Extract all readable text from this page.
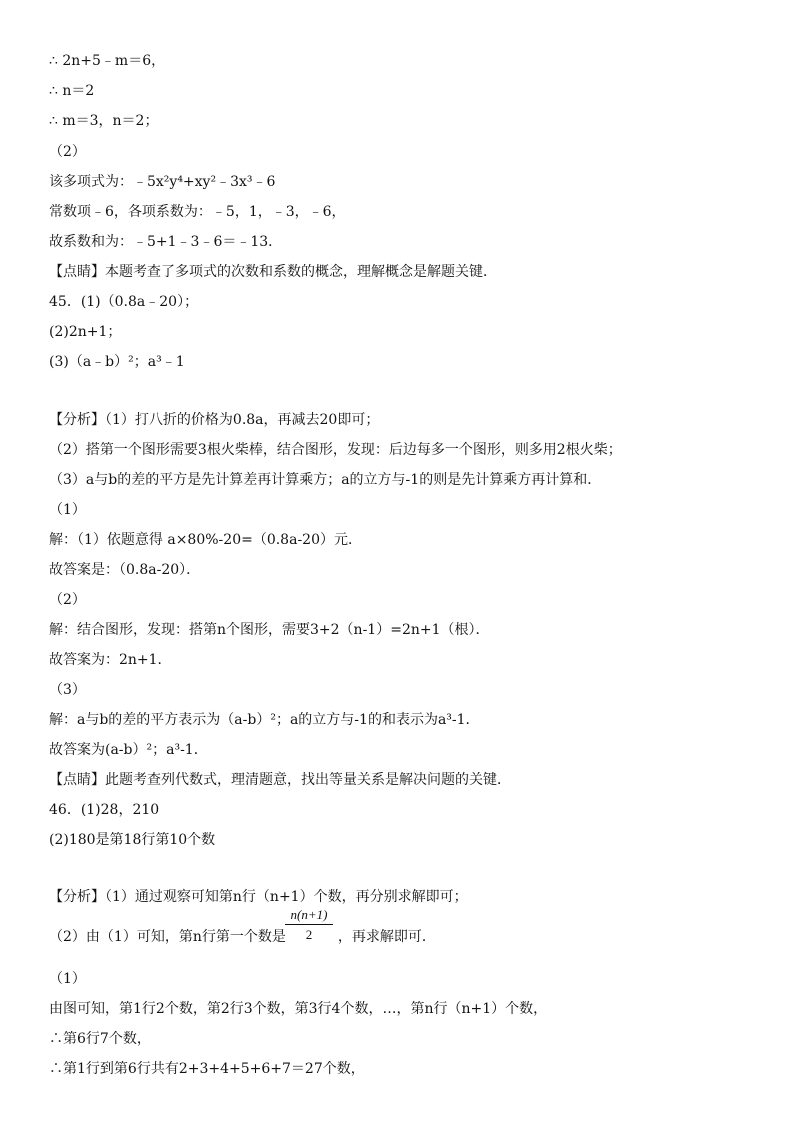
∴ 2n+5﹣m＝6，
∴ n＝2
∴ m＝3，n＝2；
（2）
该多项式为：﹣5x²y⁴+xy²﹣3x³﹣6
常数项﹣6，各项系数为：﹣5，1，﹣3，﹣6，
故系数和为：﹣5+1﹣3﹣6＝﹣13．
【点睛】本题考查了多项式的次数和系数的概念，理解概念是解题关键．
45．(1)（0.8a﹣20）；
(2)2n+1；
(3)（a﹣b）²；a³﹣1
【分析】（1）打八折的价格为0.8a，再减去20即可；
（2）搭第一个图形需要3根火柴棒，结合图形，发现：后边每多一个图形，则多用2根火柴；
（3）a与b的差的平方是先计算差再计算乘方；a的立方与-1的则是先计算乘方再计算和．
（1）
解：（1）依题意得 a×80%-20=（0.8a-20）元．
故答案是：（0.8a-20）．
（2）
解：结合图形，发现：搭第n个图形，需要3+2（n-1）=2n+1（根）．
故答案为：2n+1．
（3）
解：a与b的差的平方表示为（a-b）²；a的立方与-1的和表示为a³-1．
故答案为(a-b）²；a³-1．
【点睛】此题考查列代数式，理清题意，找出等量关系是解决问题的关键．
46．(1)28，210
(2)180是第18行第10个数
【分析】（1）通过观察可知第n行（n+1）个数，再分别求解即可；
（2）由（1）可知，第n行第一个数是	，再求解即可．
（1）
由图可知，第1行2个数，第2行3个数，第3行4个数，…，第n行（n+1）个数，
∴第6行7个数，
∴第1行到第6行共有2+3+4+5+6+7＝27个数，
n(n+1)
2
